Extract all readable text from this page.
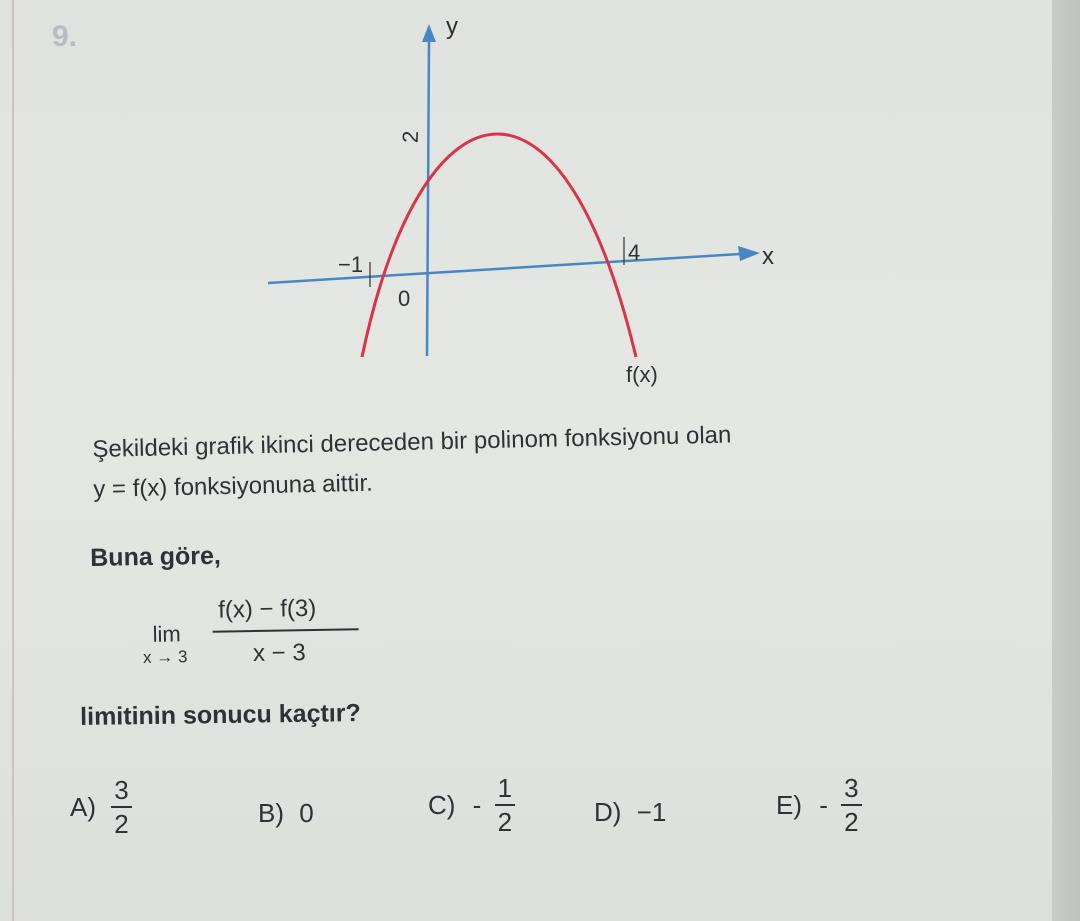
9.	y
x
0
−1	4
2
f(x)

Şekildeki grafik ikinci dereceden bir polinom fonksiyonu olan

y = f(x) fonksiyonuna aittir.

Buna göre,
lim
x → 3
f(x) − f(3)
x − 3
limitinin sonucu kaçtır?
$A) \frac{3}{2}$	B) 0	$C) - \frac{1}{2}$	D) −1	$E) - \frac{3}{2}$
